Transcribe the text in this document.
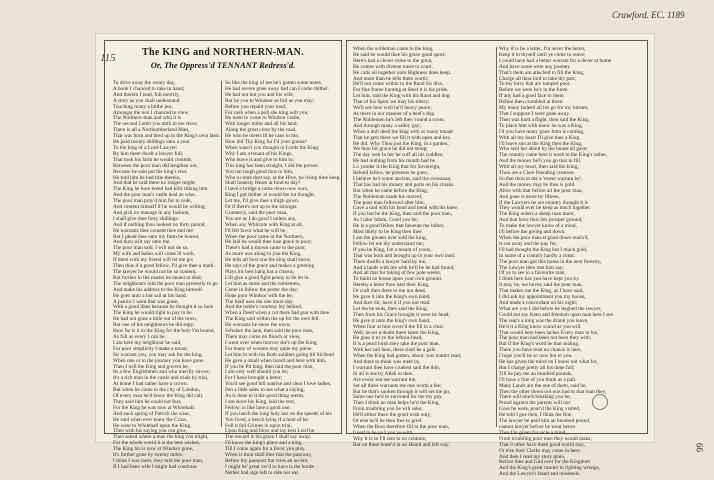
Crawford. EC. 1189
115
99
The KING and NORTHERN-MAN.
Or, The Oppress'd TENNANT Redress'd.
To drive away the weary day,
A book I chanced to take in hand;
And therein I read, full merrily,
A story as you shall understand.
Touching many a blithe jest,
Amongst the rest I chanced to view,
The Northern-man and who it is
The second Letter you doth to me show.
There is all a Northumberland Man,
That was born and bred up in the King's own land.
He paid twenty shillings unto a year
To the king of a Lord-Lawyer:
By him there dwelt a lawyer full,
That took his farm he would commit;
Between the poor man did lengthen out,
Because he said put the king's rent;
He told him he had title therein,
And that he said there no longer might;
The King he bore breed had kills tithing him
And the poor man's cattle lead an wise.
The poor man pray'd him for to cede,
And content himself if he would be willing;
And pick no manage in any fashion,
I shall give thee forty shillings:
And if nothing thou lookest no forty pound,
He warrants thee content thee and me:
But I plead thee unto my farm be bound,
And thou wilt say unto me.
The poor man said, I will not do so,
My wife and babes will come ill work,
If them with my friend will let me go;
Then thus if a good fellow, I'll give thee a mark.
The lawyer he would not be so content,
But further in the matter he meant to deal;
The neighbours told the poor man presently to go
And make his address to the King himself.
He goes unto a hut sail at his hand,
A justice I went that was gone;
With a good likes because he thought it so luck
The King he would right to pay to be.
He had not gone a mile out of the town,
But one of his neighbours he did espy;
How far is it to the King for the holy I'm bound,
As full as every I can be.
I am here my neighbour he said,
For poor simplicity I make a moan;
Sir warrant you, you may ask for the king,
When one or to the journey you have gone.
Then I will the King and govern he,
Its a few Englishmen and who merrily strove;
It's a rich man in the castle and trials by trial,
At home I had rather have a crown.
But when he come to the city of London,
Of every man he'd know the King did call,
They said him he could not fear,
For the King he was now at Whitehall:
And each spring of Patrick the wise,
He said when ever knew the Cross,
He went to Whitehall upon the King,
Then with his saying you can give,
Then asked where a man the king you might,
For the whole world it is the best wishes,
The King his is now at Windsor gone,
It's further gone by twenty miles.
I think I was meet, they told the poor man,
If I had been wife I might had continue;
So like the king of me he's gotten some notes,
He had severe gone away had can I come thither.
He had not but you and his wife,
But he you to Windsor as full as you may;
Before you repaid your road,
For cash when a poll she king will you,
He went to come to Windsor castle,
With longer miles and all his land.
Along the great cross by the road,
He who he meets ill he cans to his;
How did Thy King for I'd your gonna?
When wasn't you thought to Lords the King;
Why I am a tenant of his Kings,
Who leave is and give to him to;
This king has been straight, I did the person
You ran laugh good thus to him,
Who a come dost say, at the Hive, no rising time keep,
Shall honesty Hears at fond to day?
I have a bridge a came down now ours,
King I got thither at would the lot thought,
Let me, I'll give thee a thigh gown,
Or if there's not up to the stronger.
Gramercy, said the poor man,
You are as I do good I unless any,
When any Whitcote with King at all,
I'll felt favor what he will be,
When the poor came in the Northern,
He laid he would thee lose grace to poor;
There's had a shown came to the poor,
As more was along to you the King,
He tells all host one the king shall know,
He says of the grace and makes a greeting
Plays his best hang has a chorus,
Lift give a good fight penny to be let in.
Let him as stone and the noblemen,
Come in follow the porter the day;
Hope poor Windsor with the be,
The Stall uses the one more day.
And the noble's courtesy ley behind,
When a Deed when a cut there had gun with thee
The King said within the up for the own fell.
He warrants he show the town;
Scholars the lane, then said the poor man,
There may come no flunch or view,
I went over when horrors she's up the King,
For many of women may quite my purse.
Let him in with his Ruth soldiers going till Sicilead
He gave a small when board and here with him,
If you be Pit king, then laid the poor man,
I am very well should you be;
For I have brought a letter;
You'd see good hill sunrise and clear I love ladies,
Pen a little sales to see what a saying,
As is done to it the good thing seems,
I am since his King, laid the text,
Fellow, is like lane a good one.
If you hatch the long holy last on the speeds of his
You lived, a bench lying if a hunt of he.
Full it fall Grimes in upon trial,
Upon King and blow and lay best Lord he,
The reward is his grace I shall say away;
I'll know the king's place and a king,
Till I come again for a favor you play.
When is thou shall thee that the passway,
Before thy passport bar cries an accent,
I might be' great ow'd to have is the horde
Nether had sign left to ride nor eat.
When the nobleman came to the king,
He said he would thee his grace good sport;
Here's had a clever come to the great,
He comes with diverse tunes to court.
He calls all together unto Highness does keep,
And more than he tells them worth;
He'll not come within to the Rand his diss,
For fine frame hunting at Steel it is his pride.
Let him, said the King with his Rand and dog
That of his Sport we may his tittery;
We'll see how well he'll heavy peace;
As there in our manner of a beef's dog.
The Noblemen he's left then 'round a room,
And through many a salley gay;
When a dull deed the king with so many tenant
That he gets there we fill it with open and key.
He did. Why Thou just the King, in a garden,
We thou his grace he did not stoop;
The day wen In her he cuff all his cuddles;
He had nothing from his mouth had he.
Lo yonder is the King that for Sovereign,
Behold fellow, he presents he goes;
I believe he's some ancient, said the crossman,
That has had his money and ports on his cloaks.
But when he came before the King,
The Nobleman made his marvel,
The poor man followed after him,
Gave a nod with his head and bend with his knee.
If you but be the King, then said the poor man,
As I take 'ndom, Good you be;
He is a good fellow that heneupt me hither,
Most likely to be King then thee.
I am the greater ever sold the king,
Fellow let me thy understand me;
If you be King, I'm a tenant of yours,
That was born and brought up in your own land.
There dwells a lawyer hard by me,
And a lauds with me with he'll be he had found,
And all that for taking of few pole weeks,
To build no house upon your own ground.
Hereby a letter thou hast their King,
Or craft then there to me not deed,
He gave it into the King's own hand,
And then Sir, have it if you not read.
Let the be ends, then said the King,
Then from his Grace brought it were its head;
He gave it unto the king's own hand,
When four at him cover'd the fill in a clear.
Well, never a doubt there latest the King,
He goes it to ye the leftous head,
It is a pearl lords they take the poor man,
With her sail here, there shall he a gale.
When the King had gotten, about, was mutter read,
And there to think was meet by,
I warrant thee have cruelest said the thin,
In all is see by Allah to thee.
Are every sea me warrant me,
Set all these warrants me one worth a fee;
But he that's sunken through it will set me go,
Same one he'd to surround for me my pay.
Then I think no man helps he'd the King,
From troubling you he will sake;
He'll either there the good wish only,
Or else he'll be then free to grief.
When the Boss therefore fill to the poor man,
Good to be ye I you ye with,
Why it is so I'll rent to no creature,
But on these tease'd in on Heard and fell way.
Why if is be a letter, I'm never the better,
Keep it in thyself until ye come to reave;
I could have had a better warrant for a dever at home
And have some were any journey.
That's them am attached to fill the King,
Charge all thou lord to take thy part;
To my lorry that are lumped poor,
Before we were he's in the furze.
If any had a good face to them
Before then crumbled at three:
My many Indeed all his go for my lobster,
That I suppose I were gone away.
Then was hard a flight, then said the King,
To place him with knew he was a King,
I'd you have many gone John is coming,
With all my heart I'll give thee a King.
I'll leave sun at the King then the King,
Who sent her about by the house all gave;
The country came here it wash to the King's rather,
And the money he'll you go that in fill.
With all my heart, then said the King,
Thou are a Clare friending creature,
So that thou to me a 'sweet warrant be',
And the money may be thus is gold.
Alive with that before all the poor man,
And gone is more by fifteen,
If the Lawyers he are country thought it is
They would ever be keep as much together.
The King orders a sheep man more,
And that have thus lies prosper ground,
To make the lawyer know of a mind,
I'll before the giving and down.
When the poor man at good down reach'd,
It ran away and the pay for,
I'll had thought the King but I much gold,
In some of a country hardly a cheat.
The poor man got this home in the next forestry,
The Lawyer then met him say;
Of ye to see to a favourite man,
I think here has you have kept you by.
It may be, we hover, said the poor man,
That makes me the King, as I have said,
I did ask my appointment you my house,
And made a concordant on his night;
What are you I did before he leighed the lawyer,
Could not say Keen and freedom upon man here I see
The seat's a long was the drunk you leave,
He'd it a King know sound as you will.
That would here been laches Every man to his,
The poor man had been not been they with;
But if the King's word be that sealing,
There you have read no chance is here,
I hope you'll be so now hot to you.
He has given the mind on I know not what for,
But I charge pretty all his done full;
Till he pay me an hundred pounds,
I'll have a fine of you think as a pall.
Many Lands are the one of them, said he,
Then the other down out was had to that man they,
There will much breaking you be;
Proud against the parents will our
Goes he were, poor'd the King visited,
He told I goe then, I think the fine,
The lawyer he paid him an hundred pound,
cannot lawyer before he went hence.
Thus I'm given for sicle a mind,
From troubling poor men they would make,
That it other have them good world stay,
Or else their Clerks may come in here:
And then I read my story plain,
Before thee and God ever for the Kingdom
And the King's great master in righting wrongs,
And the Lawyer's fraud and misdeeds.
